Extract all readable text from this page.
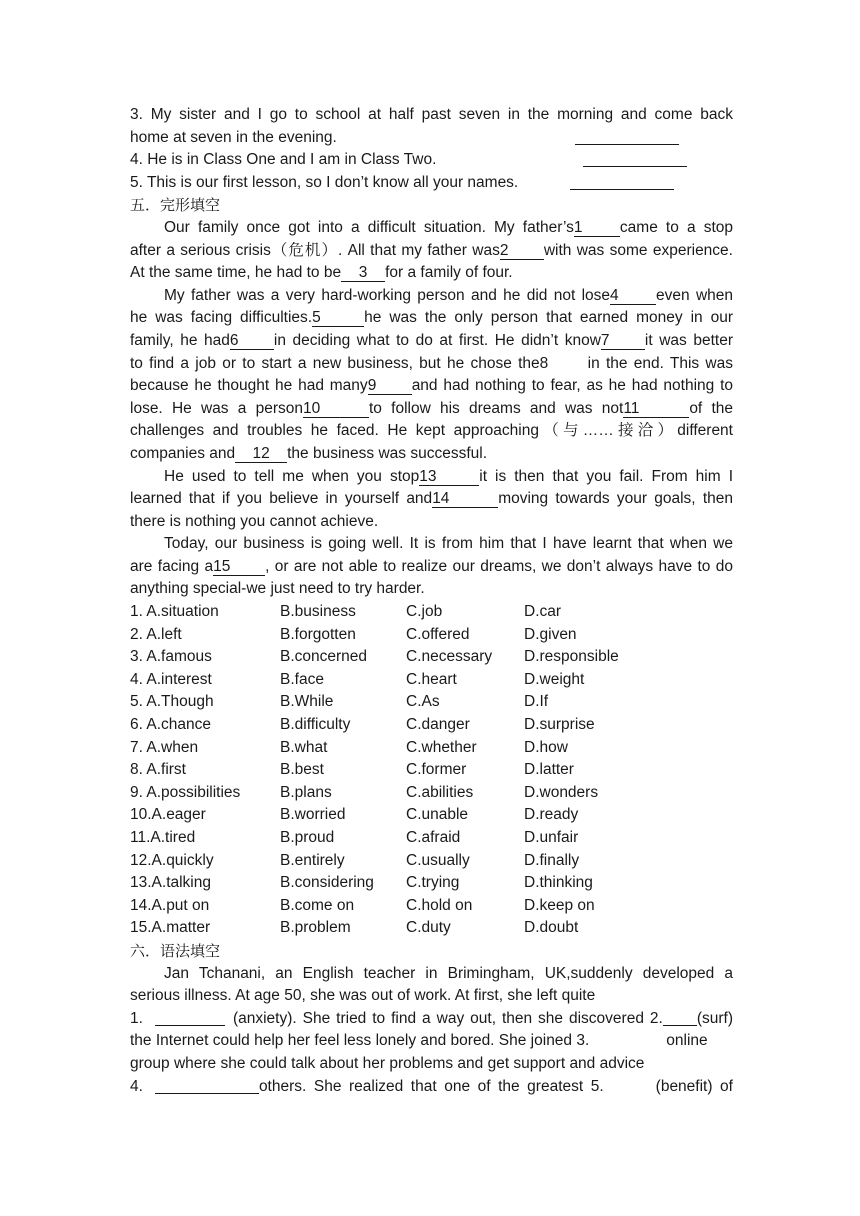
3. My sister and I go to school at half past seven in the morning and come back
home at seven in the evening.
4. He is in Class One and I am in Class Two.
5. This is our first lesson, so I don’t know all your names.
五．完形填空
Our family once got into a difficult situation. My father’s1 came to a stop
after a serious crisis（危机）. All that my father was2 with was some experience.
At the same time, he had to be 3 for a family of four.
My father was a very hard-working person and he did not lose4 even when
he was facing difficulties.5	he was the only person that earned money in our
family, he had6 in deciding what to do at first. He didn’t know7 it was better
to find a job or to start a new business, but he chose the8	in the end. This was
because he thought he had many9 and had nothing to fear, as he had nothing to
lose. He was a person10	to follow his dreams and was not11	of the
challenges and troubles he faced. He kept approaching（与……接洽）different
companies and 12 the business was successful.
He used to tell me when you stop13	it is then that you fail. From him I
learned that if you believe in yourself and14	moving towards your goals, then
there is nothing you cannot achieve.
Today, our business is going well. It is from him that I have learnt that when we
are facing a15 , or are not able to realize our dreams, we don’t always have to do
anything special-we just need to try harder.
1. A.situation	B.business	C.job	D.car
2. A.left	B.forgotten	C.offered	D.given
3. A.famous	B.concerned	C.necessary	D.responsible
4. A.interest	B.face	C.heart	D.weight
5. A.Though	B.While	C.As	D.If
6. A.chance	B.difficulty	C.danger	D.surprise
7. A.when	B.what	C.whether	D.how
8. A.first	B.best	C.former	D.latter
9. A.possibilities	B.plans	C.abilities	D.wonders
10.A.eager	B.worried	C.unable	D.ready
11.A.tired	B.proud	C.afraid	D.unfair
12.A.quickly	B.entirely	C.usually	D.finally
13.A.talking	B.considering	C.trying	D.thinking
14.A.put on	B.come on	C.hold on	D.keep on
15.A.matter	B.problem	C.duty	D.doubt
六．语法填空
Jan Tchanani, an English teacher in Brimingham, UK,suddenly developed a
serious illness. At age 50, she was out of work. At first, she left quite
1.	(anxiety). She tried to find a way out, then she discovered 2. (surf)
the Internet could help her feel less lonely and bored. She joined 3.	online
group where she could talk about her problems and get support and advice
4.	others. She realized that one of the greatest 5.	(benefit) of
